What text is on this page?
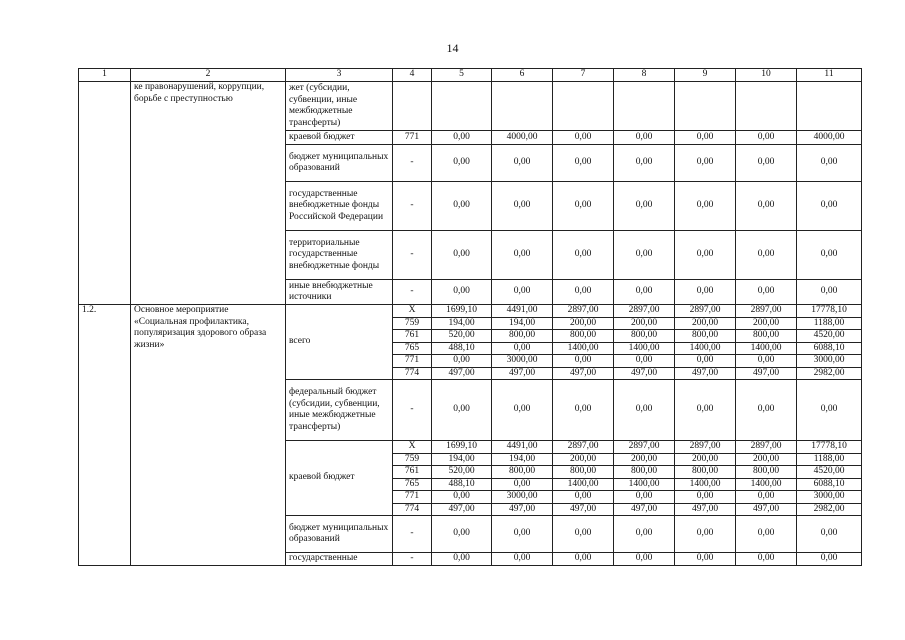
14
1	2	3	4	5	6	7	8	9	10	11
	ке правонарушений, коррупции, борьбе с преступностью	жет (субсидии, субвенции, иные межбюджетные трансферты)								
		краевой бюджет	771	0,00	4000,00	0,00	0,00	0,00	0,00	4000,00
		бюджет муниципальных образований	-	0,00	0,00	0,00	0,00	0,00	0,00	0,00
		государственные внебюджетные фонды Российской Федерации	-	0,00	0,00	0,00	0,00	0,00	0,00	0,00
		территориальные государственные внебюджетные фонды	-	0,00	0,00	0,00	0,00	0,00	0,00	0,00
		иные внебюджетные источники	-	0,00	0,00	0,00	0,00	0,00	0,00	0,00
1.2.	Основное мероприятие «Социальная профилактика, популяризация здорового образа жизни»	всего	X	1699,10	4491,00	2897,00	2897,00	2897,00	2897,00	17778,10
			759	194,00	194,00	200,00	200,00	200,00	200,00	1188,00
			761	520,00	800,00	800,00	800,00	800,00	800,00	4520,00
			765	488,10	0,00	1400,00	1400,00	1400,00	1400,00	6088,10
			771	0,00	3000,00	0,00	0,00	0,00	0,00	3000,00
			774	497,00	497,00	497,00	497,00	497,00	497,00	2982,00
		федеральный бюджет (субсидии, субвенции, иные межбюджетные трансферты)	-	0,00	0,00	0,00	0,00	0,00	0,00	0,00
		краевой бюджет	X	1699,10	4491,00	2897,00	2897,00	2897,00	2897,00	17778,10
			759	194,00	194,00	200,00	200,00	200,00	200,00	1188,00
			761	520,00	800,00	800,00	800,00	800,00	800,00	4520,00
			765	488,10	0,00	1400,00	1400,00	1400,00	1400,00	6088,10
			771	0,00	3000,00	0,00	0,00	0,00	0,00	3000,00
			774	497,00	497,00	497,00	497,00	497,00	497,00	2982,00
		бюджет муниципальных образований	-	0,00	0,00	0,00	0,00	0,00	0,00	0,00
		государственные	-	0,00	0,00	0,00	0,00	0,00	0,00	0,00
